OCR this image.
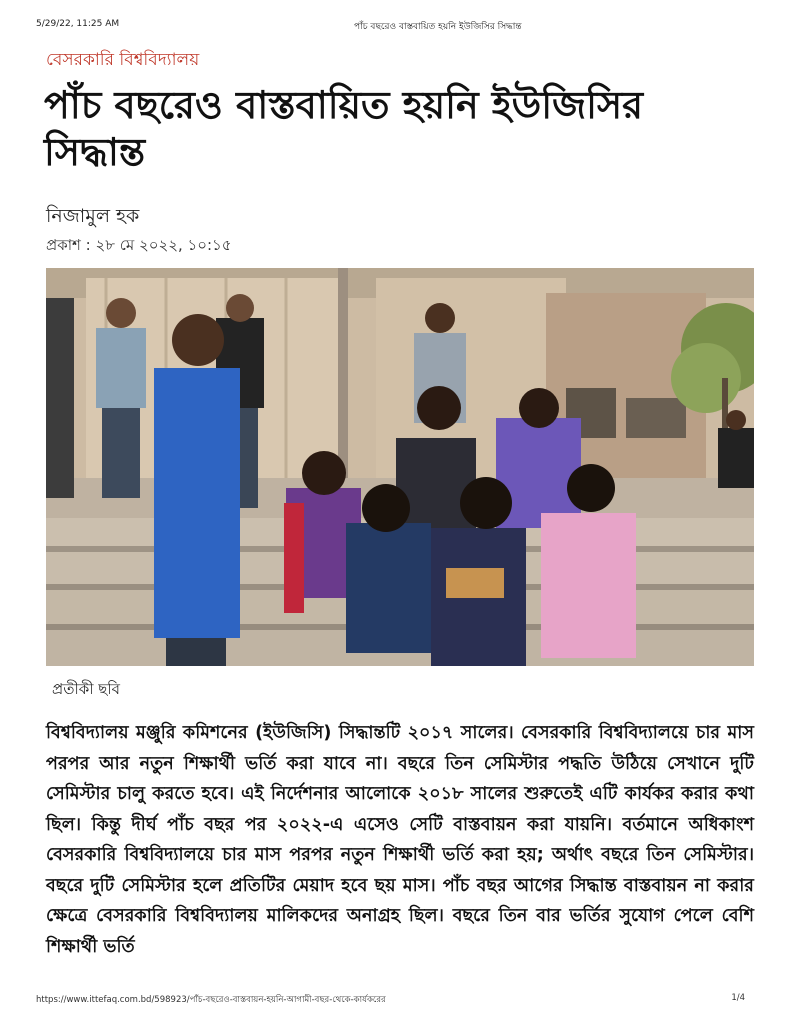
5/29/22, 11:25 AM	পাঁচ বছরেও বাস্তবায়িত হয়নি ইউজিসির সিদ্ধান্ত
বেসরকারি বিশ্ববিদ্যালয়
পাঁচ বছরেও বাস্তবায়িত হয়নি ইউজিসির সিদ্ধান্ত
নিজামুল হক
প্রকাশ : ২৮ মে ২০২২, ১০:১৫
প্রতীকী ছবি

বিশ্ববিদ্যালয় মঞ্জুরি কমিশনের (ইউজিসি) সিদ্ধান্তটি ২০১৭ সালের। বেসরকারি বিশ্ববিদ্যালয়ে চার মাস পরপর আর নতুন শিক্ষার্থী ভর্তি করা যাবে না। বছরে তিন সেমিস্টার পদ্ধতি উঠিয়ে সেখানে দুটি সেমিস্টার চালু করতে হবে। এই নির্দেশনার আলোকে ২০১৮ সালের শুরুতেই এটি কার্যকর করার কথা ছিল। কিন্তু দীর্ঘ পাঁচ বছর পর ২০২২-এ এসেও সেটি বাস্তবায়ন করা যায়নি। বর্তমানে অধিকাংশ বেসরকারি বিশ্ববিদ্যালয়ে চার মাস পরপর নতুন শিক্ষার্থী ভর্তি করা হয়; অর্থাৎ বছরে তিন সেমিস্টার। বছরে দুটি সেমিস্টার হলে প্রতিটির মেয়াদ হবে ছয় মাস। পাঁচ বছর আগের সিদ্ধান্ত বাস্তবায়ন না করার ক্ষেত্রে বেসরকারি বিশ্ববিদ্যালয় মালিকদের অনাগ্রহ ছিল। বছরে তিন বার ভর্তির সুযোগ পেলে বেশি শিক্ষার্থী ভর্তি

https://www.ittefaq.com.bd/598923/পাঁচ-বছরেও-বাস্তবায়ন-হয়নি-আগামী-বছর-থেকে-কার্যকরের	1/4
